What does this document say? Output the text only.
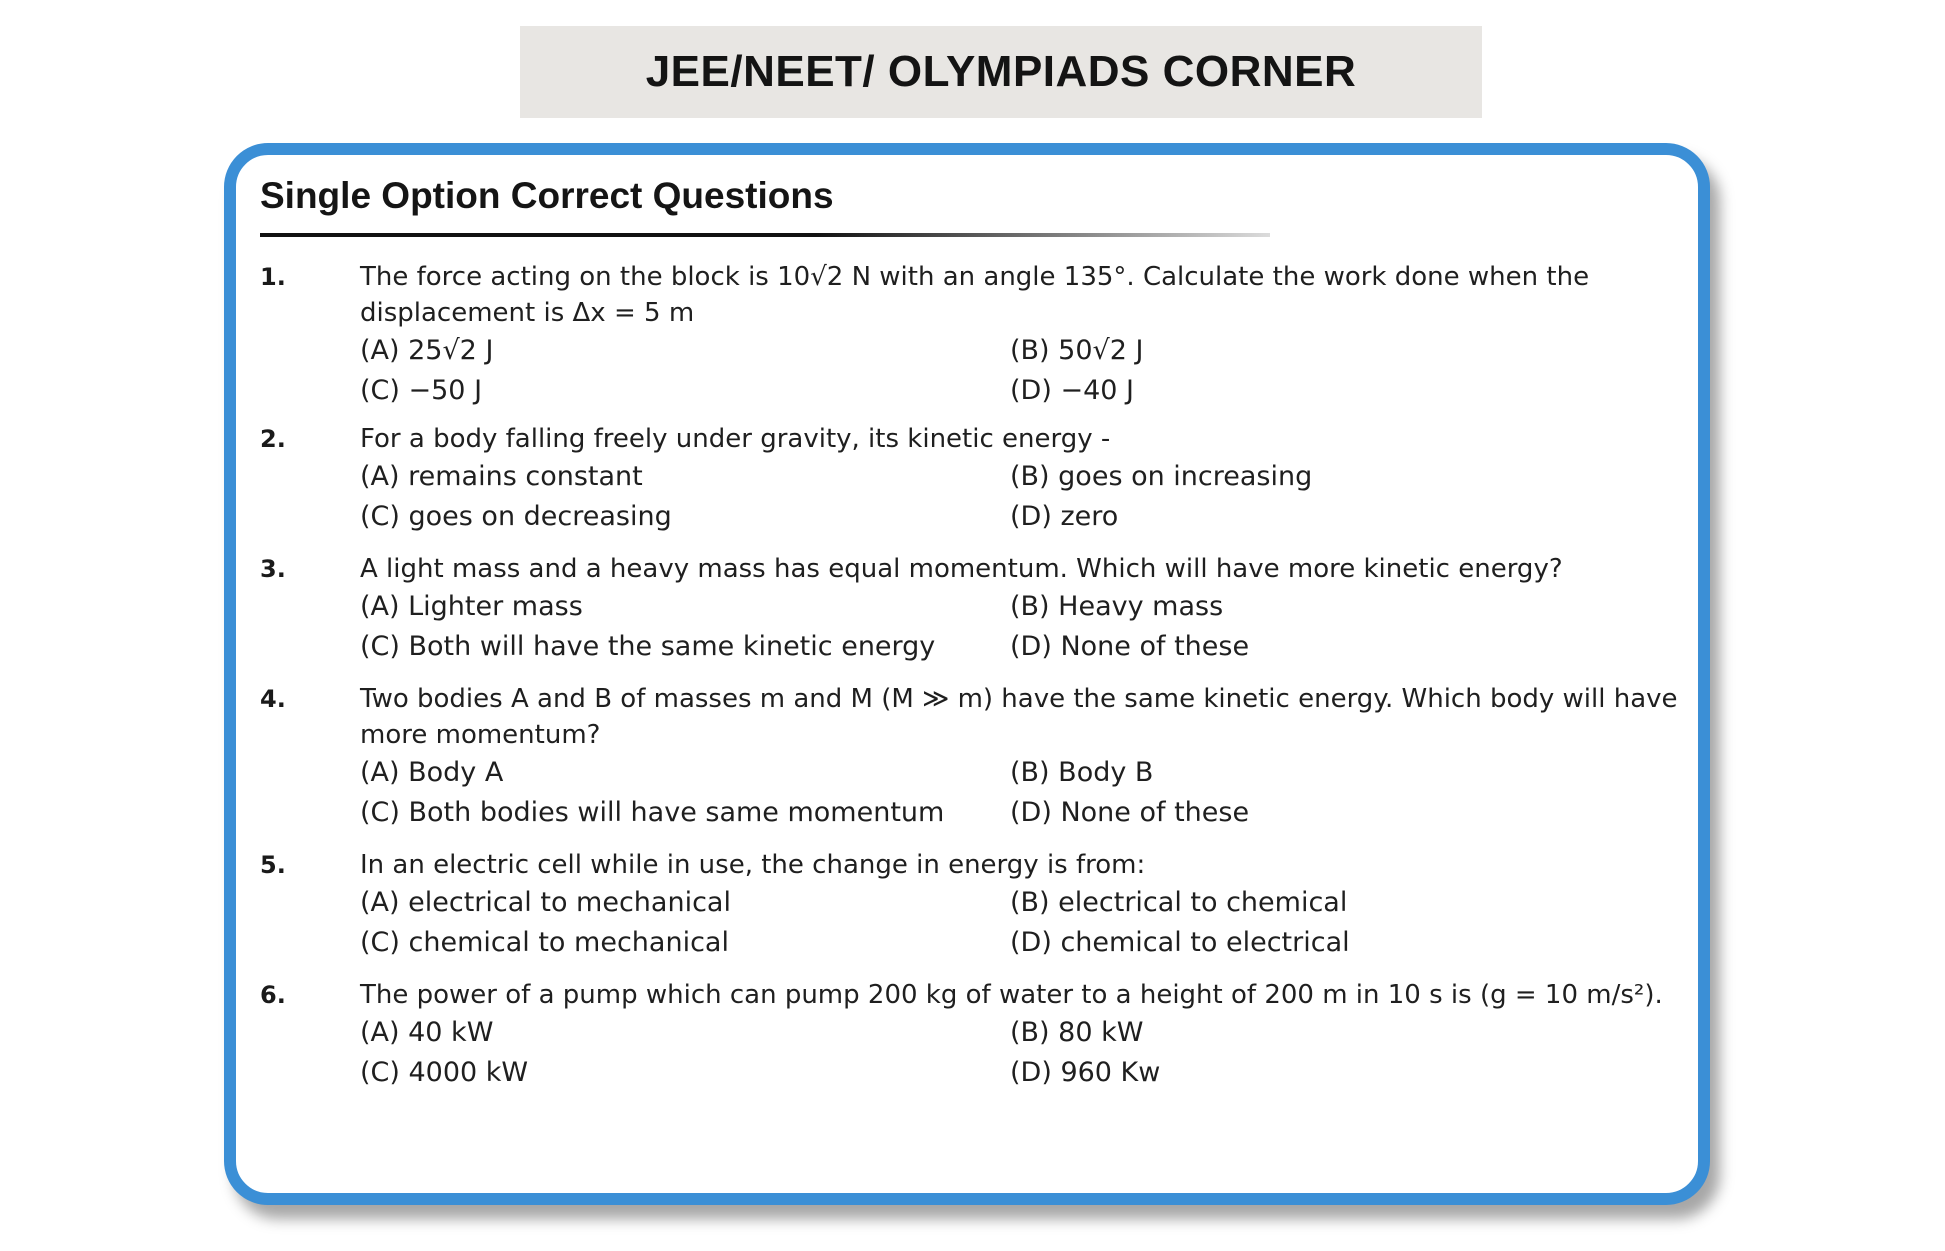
JEE/NEET/ OLYMPIADS CORNER
Single Option Correct Questions
1.	The force acting on the block is 10√2 N with an angle 135°. Calculate the work done when the displacement is Δx = 5 m
(A) 25√2 J	(B) 50√2 J
(C) −50 J	(D) −40 J
2.	For a body falling freely under gravity, its kinetic energy -
(A) remains constant	(B) goes on increasing
(C) goes on decreasing	(D) zero
3.	A light mass and a heavy mass has equal momentum. Which will have more kinetic energy?
(A) Lighter mass	(B) Heavy mass
(C) Both will have the same kinetic energy	(D) None of these
4.	Two bodies A and B of masses m and M (M ≫ m) have the same kinetic energy. Which body will have more momentum?
(A) Body A	(B) Body B
(C) Both bodies will have same momentum	(D) None of these
5.	In an electric cell while in use, the change in energy is from:
(A) electrical to mechanical	(B) electrical to chemical
(C) chemical to mechanical	(D) chemical to electrical
6.	The power of a pump which can pump 200 kg of water to a height of 200 m in 10 s is (g = 10 m/s²).
(A) 40 kW	(B) 80 kW
(C) 4000 kW	(D) 960 Kw
